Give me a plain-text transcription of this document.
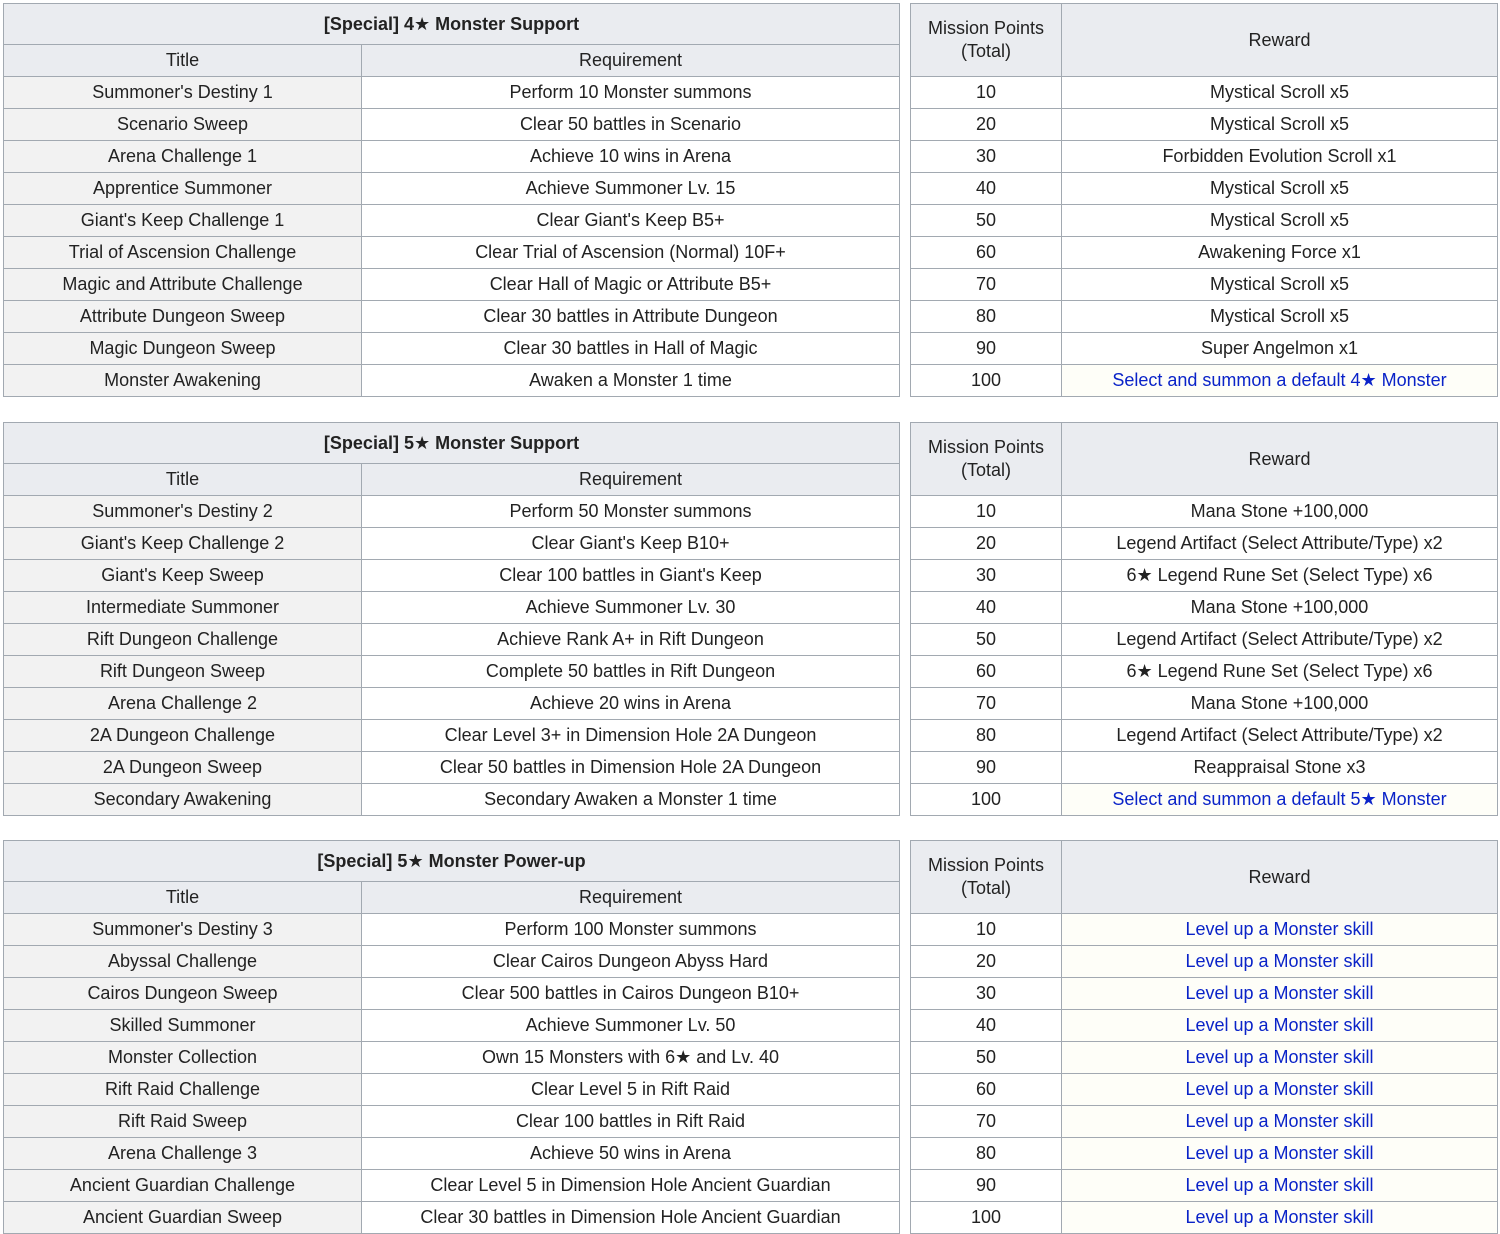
[Special] 4★ Monster Support	
Title	Requirement
Summoner's Destiny 1	Perform 10 Monster summons
Scenario Sweep	Clear 50 battles in Scenario
Arena Challenge 1	Achieve 10 wins in Arena
Apprentice Summoner	Achieve Summoner Lv. 15
Giant's Keep Challenge 1	Clear Giant's Keep B5+
Trial of Ascension Challenge	Clear Trial of Ascension (Normal) 10F+
Magic and Attribute Challenge	Clear Hall of Magic or Attribute B5+
Attribute Dungeon Sweep	Clear 30 battles in Attribute Dungeon
Magic Dungeon Sweep	Clear 30 battles in Hall of Magic
Monster Awakening	Awaken a Monster 1 time
Mission Points
(Total)	Reward
10	Mystical Scroll x5
20	Mystical Scroll x5
30	Forbidden Evolution Scroll x1
40	Mystical Scroll x5
50	Mystical Scroll x5
60	Awakening Force x1
70	Mystical Scroll x5
80	Mystical Scroll x5
90	Super Angelmon x1
100	Select and summon a default 4★ Monster
[Special] 5★ Monster Support	
Title	Requirement
Summoner's Destiny 2	Perform 50 Monster summons
Giant's Keep Challenge 2	Clear Giant's Keep B10+
Giant's Keep Sweep	Clear 100 battles in Giant's Keep
Intermediate Summoner	Achieve Summoner Lv. 30
Rift Dungeon Challenge	Achieve Rank A+ in Rift Dungeon
Rift Dungeon Sweep	Complete 50 battles in Rift Dungeon
Arena Challenge 2	Achieve 20 wins in Arena
2A Dungeon Challenge	Clear Level 3+ in Dimension Hole 2A Dungeon
2A Dungeon Sweep	Clear 50 battles in Dimension Hole 2A Dungeon
Secondary Awakening	Secondary Awaken a Monster 1 time
Mission Points
(Total)	Reward
10	Mana Stone +100,000
20	Legend Artifact (Select Attribute/Type) x2
30	6★ Legend Rune Set (Select Type) x6
40	Mana Stone +100,000
50	Legend Artifact (Select Attribute/Type) x2
60	6★ Legend Rune Set (Select Type) x6
70	Mana Stone +100,000
80	Legend Artifact (Select Attribute/Type) x2
90	Reappraisal Stone x3
100	Select and summon a default 5★ Monster
[Special] 5★ Monster Power-up	
Title	Requirement
Summoner's Destiny 3	Perform 100 Monster summons
Abyssal Challenge	Clear Cairos Dungeon Abyss Hard
Cairos Dungeon Sweep	Clear 500 battles in Cairos Dungeon B10+
Skilled Summoner	Achieve Summoner Lv. 50
Monster Collection	Own 15 Monsters with 6★ and Lv. 40
Rift Raid Challenge	Clear Level 5 in Rift Raid
Rift Raid Sweep	Clear 100 battles in Rift Raid
Arena Challenge 3	Achieve 50 wins in Arena
Ancient Guardian Challenge	Clear Level 5 in Dimension Hole Ancient Guardian
Ancient Guardian Sweep	Clear 30 battles in Dimension Hole Ancient Guardian
Mission Points
(Total)	Reward
10	Level up a Monster skill
20	Level up a Monster skill
30	Level up a Monster skill
40	Level up a Monster skill
50	Level up a Monster skill
60	Level up a Monster skill
70	Level up a Monster skill
80	Level up a Monster skill
90	Level up a Monster skill
100	Level up a Monster skill
